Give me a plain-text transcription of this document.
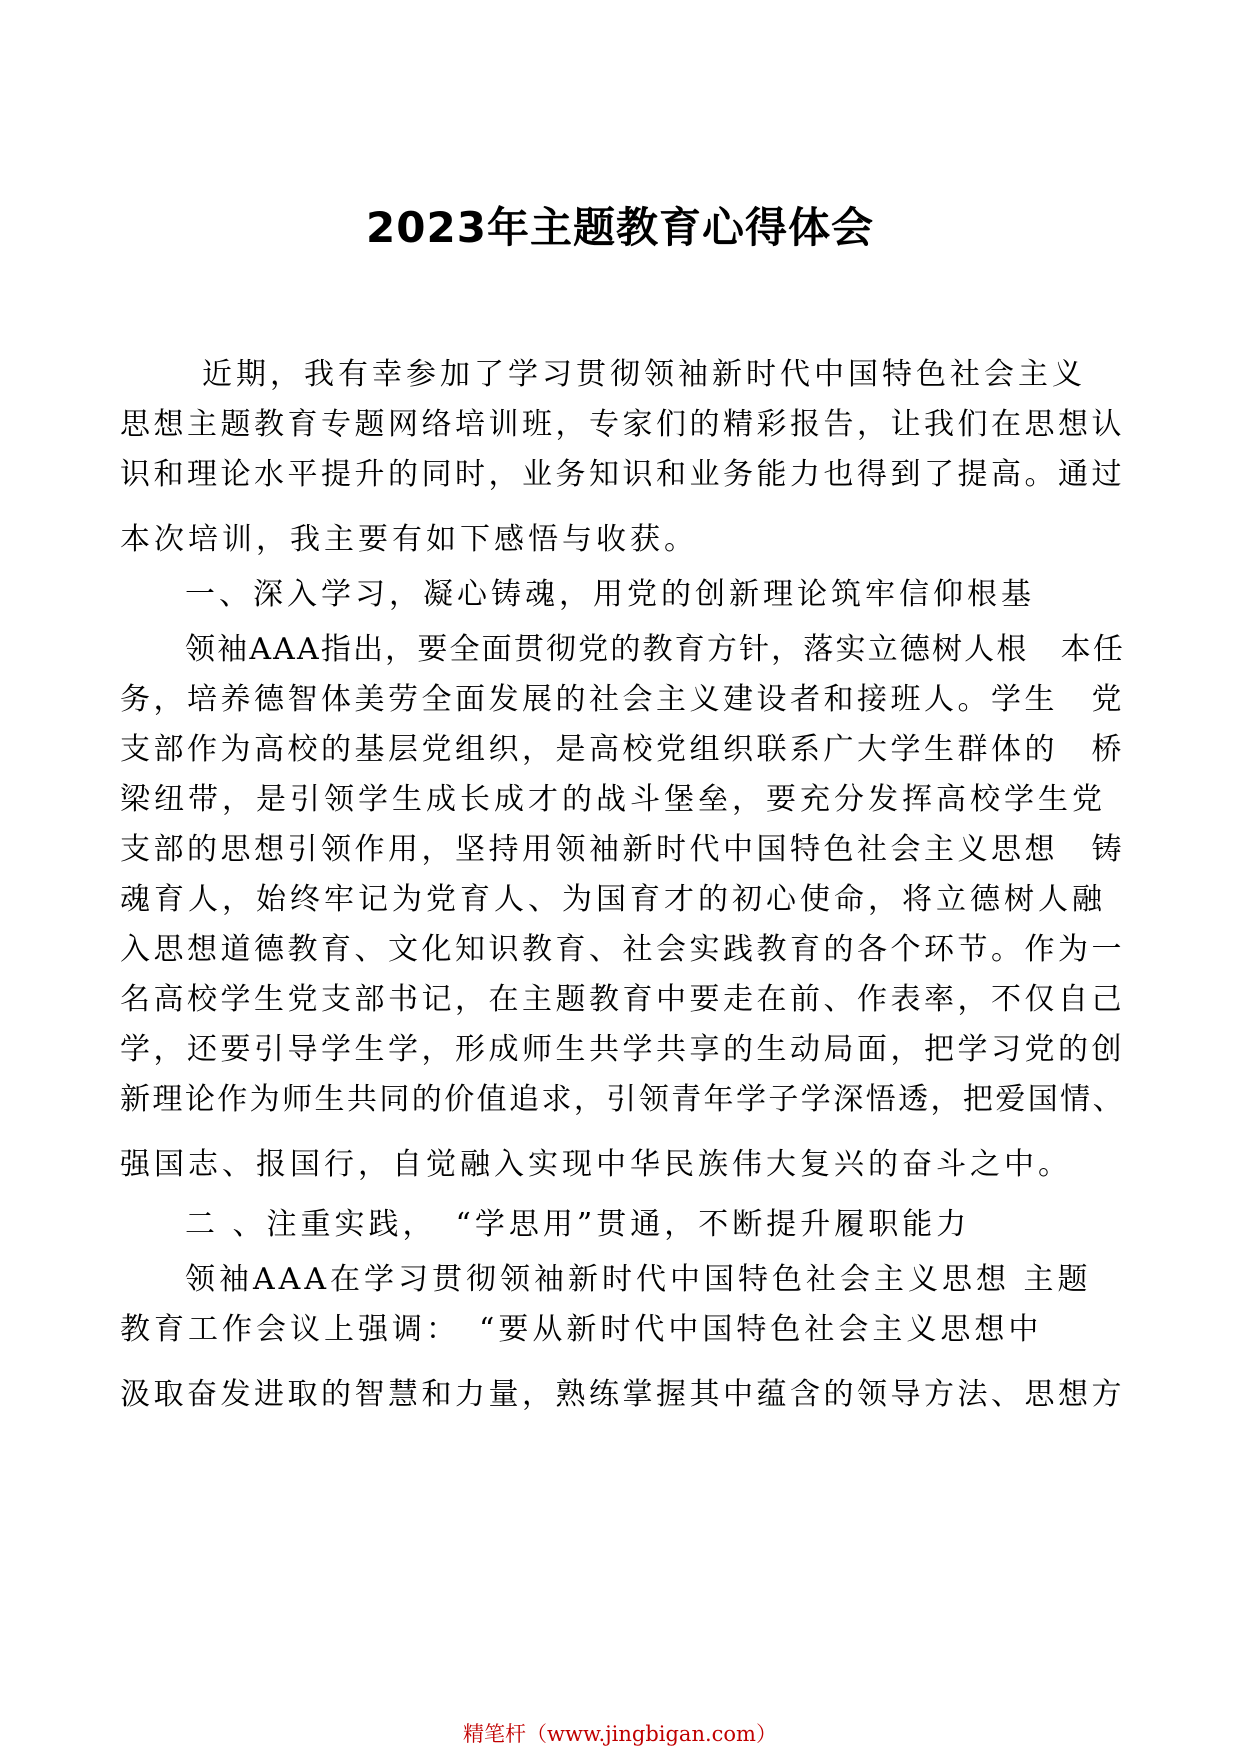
2023年主题教育心得体会
近期，我有幸参加了学习贯彻领袖新时代中国特色社会主义
思想主题教育专题网络培训班，专家们的精彩报告，让我们在思想认
识和理论水平提升的同时，业务知识和业务能力也得到了提高。通过
本次培训，我主要有如下感悟与收获。
一、深入学习，凝心铸魂，用党的创新理论筑牢信仰根基
领袖AAA指出，要全面贯彻党的教育方针，落实立德树人根　本任
务，培养德智体美劳全面发展的社会主义建设者和接班人。学生　党
支部作为高校的基层党组织，是高校党组织联系广大学生群体的　桥
梁纽带，是引领学生成长成才的战斗堡垒，要充分发挥高校学生党
支部的思想引领作用，坚持用领袖新时代中国特色社会主义思想　铸
魂育人，始终牢记为党育人、为国育才的初心使命，将立德树人融
入思想道德教育、文化知识教育、社会实践教育的各个环节。作为一
名高校学生党支部书记，在主题教育中要走在前、作表率，不仅自己
学，还要引导学生学，形成师生共学共享的生动局面，把学习党的创
新理论作为师生共同的价值追求，引领青年学子学深悟透，把爱国情、
强国志、报国行，自觉融入实现中华民族伟大复兴的奋斗之中。
二 、注重实践，　“学思用”贯通，不断提升履职能力
领袖AAA在学习贯彻领袖新时代中国特色社会主义思想 主题
教育工作会议上强调：　“要从新时代中国特色社会主义思想中
汲取奋发进取的智慧和力量，熟练掌握其中蕴含的领导方法、思想方
精笔杆（www.jingbigan.com）
